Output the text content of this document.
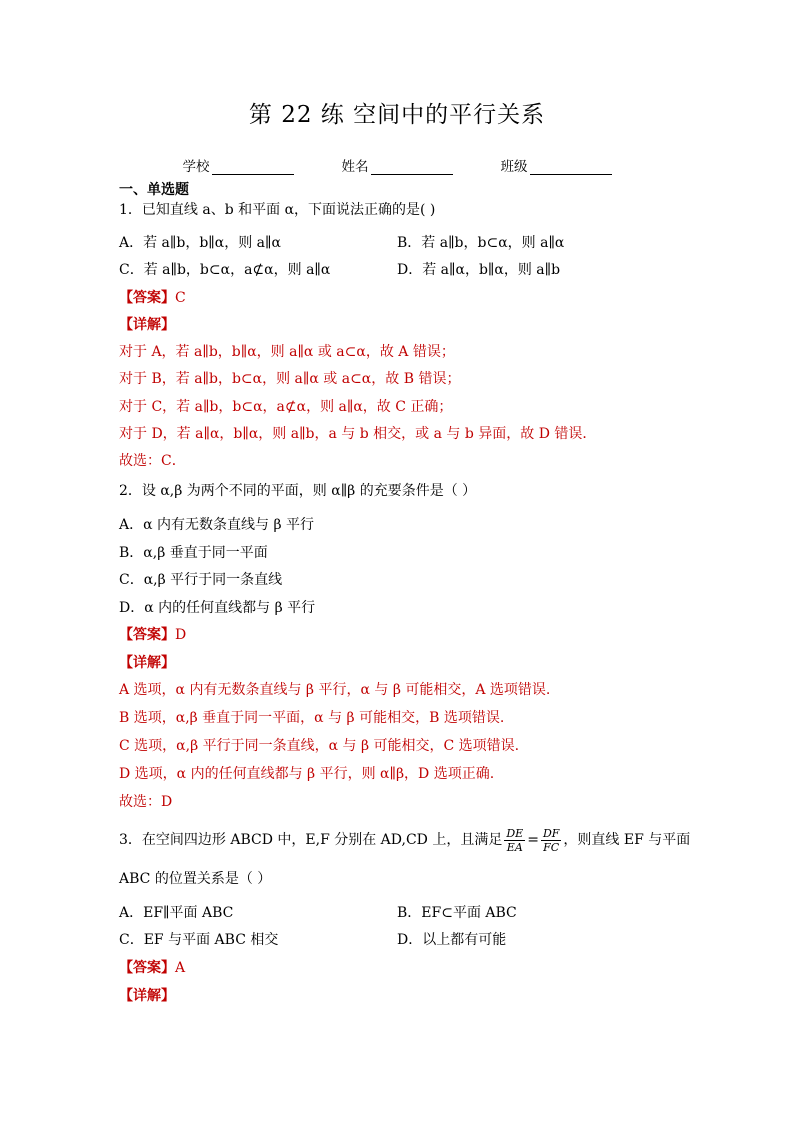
第 22 练 空间中的平行关系
学校	姓名	班级
一、单选题
1．已知直线 a、b 和平面 α，下面说法正确的是( )
A．若 a∥b，b∥α，则 a∥α	B．若 a∥b，b⊂α，则 a∥α
C．若 a∥b，b⊂α，a⊄α，则 a∥α	D．若 a∥α，b∥α，则 a∥b
【答案】C
【详解】
对于 A，若 a∥b，b∥α，则 a∥α 或 a⊂α，故 A 错误；
对于 B，若 a∥b，b⊂α，则 a∥α 或 a⊂α，故 B 错误；
对于 C，若 a∥b，b⊂α，a⊄α，则 a∥α，故 C 正确；
对于 D，若 a∥α，b∥α，则 a∥b，a 与 b 相交，或 a 与 b 异面，故 D 错误．
故选：C．
2．设 α,β 为两个不同的平面，则 α∥β 的充要条件是（ ）
A．α 内有无数条直线与 β 平行
B．α,β 垂直于同一平面
C．α,β 平行于同一条直线
D．α 内的任何直线都与 β 平行
【答案】D
【详解】
A 选项，α 内有无数条直线与 β 平行，α 与 β 可能相交，A 选项错误.
B 选项，α,β 垂直于同一平面，α 与 β 可能相交，B 选项错误.
C 选项，α,β 平行于同一条直线，α 与 β 可能相交，C 选项错误.
D 选项，α 内的任何直线都与 β 平行，则 α∥β，D 选项正确.
故选：D
3．在空间四边形 ABCD 中，E,F 分别在 AD,CD 上，且满足 $\frac{DE}{EA} = \frac{DF}{FC}$ ，则直线 EF 与平面
ABC 的位置关系是（ ）
A．EF∥平面 ABC	B．EF⊂平面 ABC
C．EF 与平面 ABC 相交	D．以上都有可能
【答案】A
【详解】
